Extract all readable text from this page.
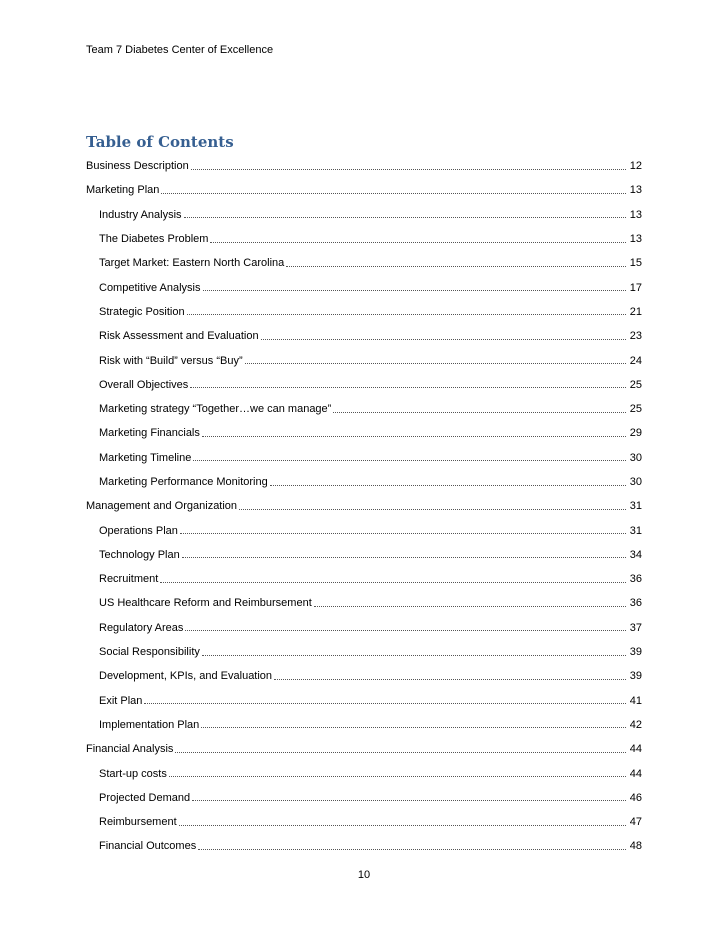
Team 7 Diabetes Center of Excellence
Table of Contents
Business Description	12
Marketing Plan	13
Industry Analysis	13
The Diabetes Problem	13
Target Market: Eastern North Carolina	15
Competitive Analysis	17
Strategic Position	21
Risk Assessment and Evaluation	23
Risk with “Build” versus “Buy”	24
Overall Objectives	25
Marketing strategy “Together…we can manage”	25
Marketing Financials	29
Marketing Timeline	30
Marketing Performance Monitoring	30
Management and Organization	31
Operations Plan	31
Technology Plan	34
Recruitment	36
US Healthcare Reform and Reimbursement	36
Regulatory Areas	37
Social Responsibility	39
Development, KPIs, and Evaluation	39
Exit Plan	41
Implementation Plan	42
Financial Analysis	44
Start-up costs	44
Projected Demand	46
Reimbursement	47
Financial Outcomes	48
10
